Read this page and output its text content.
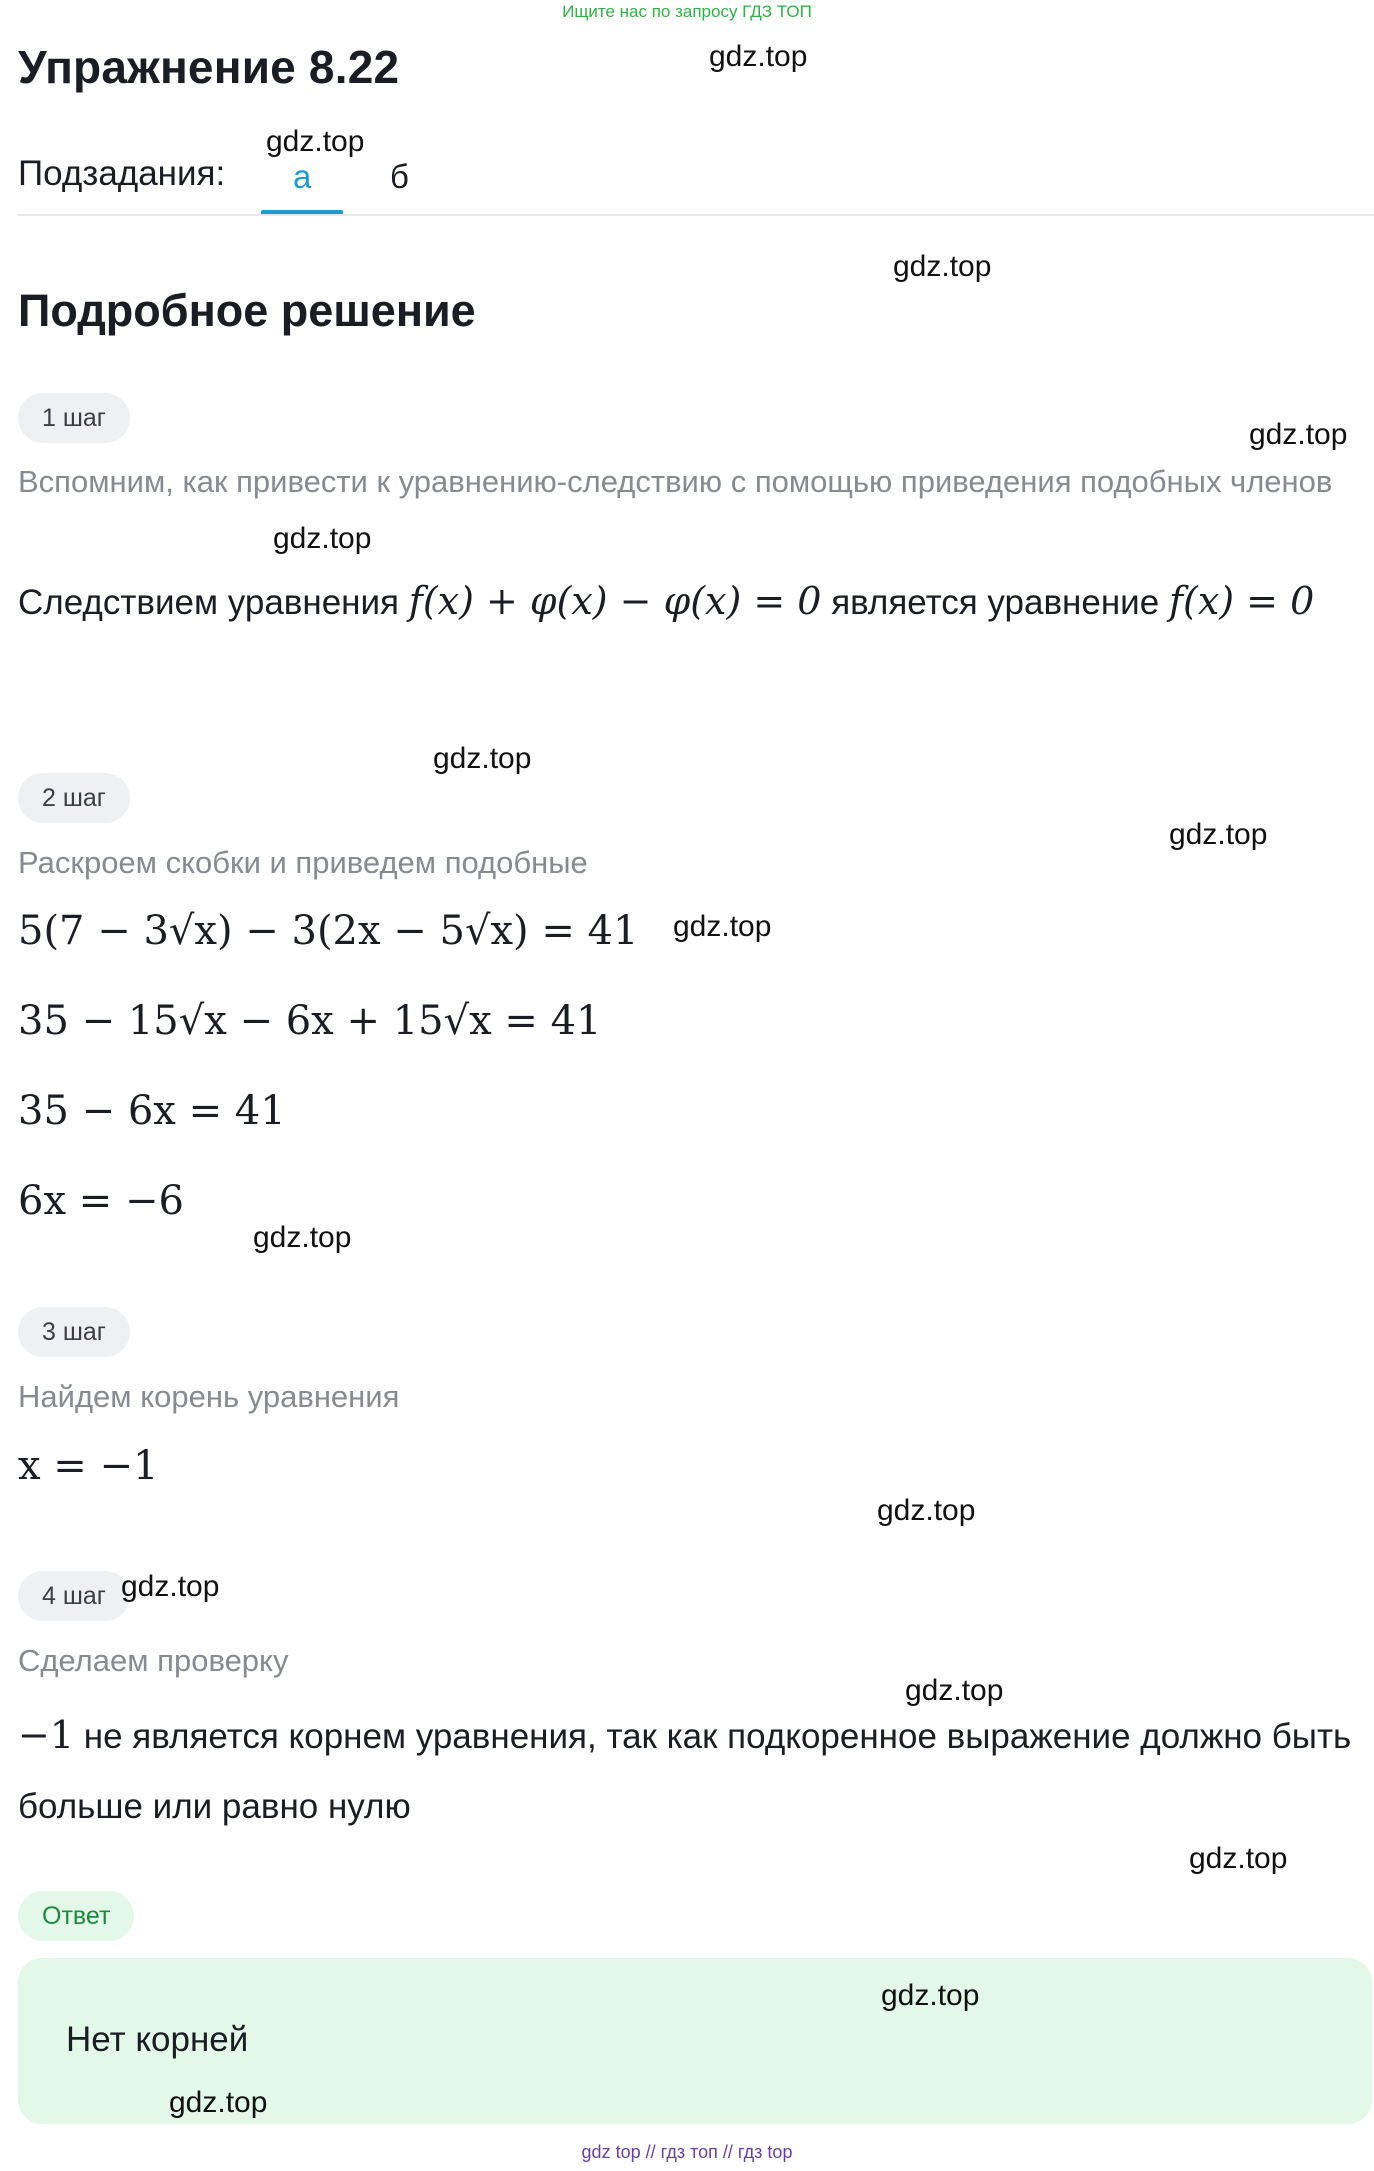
Ищите нас по запросу ГДЗ ТОП
Упражнение 8.22
Подзадания: а б
Подробное решение
1 шаг
Вспомним, как привести к уравнению-следствию с помощью приведения подобных членов
Следствием уравнения f(x) + φ(x) − φ(x) = 0 является уравнение f(x) = 0
2 шаг
Раскроем скобки и приведем подобные
5(7 − 3√x) − 3(2x − 5√x) = 41
35 − 15√x − 6x + 15√x = 41
35 − 6x = 41
6x = −6
3 шаг
Найдем корень уравнения
x = −1
4 шаг
Сделаем проверку
−1 не является корнем уравнения, так как подкоренное выражение должно быть больше или равно нулю
Ответ
Нет корней
gdz.top
gdz.top
gdz.top
gdz.top
gdz.top
gdz.top
gdz.top
gdz.top
gdz.top
gdz.top
gdz.top
gdz.top
gdz.top
gdz.top
gdz.top
gdz top // гдз топ // гдз top
